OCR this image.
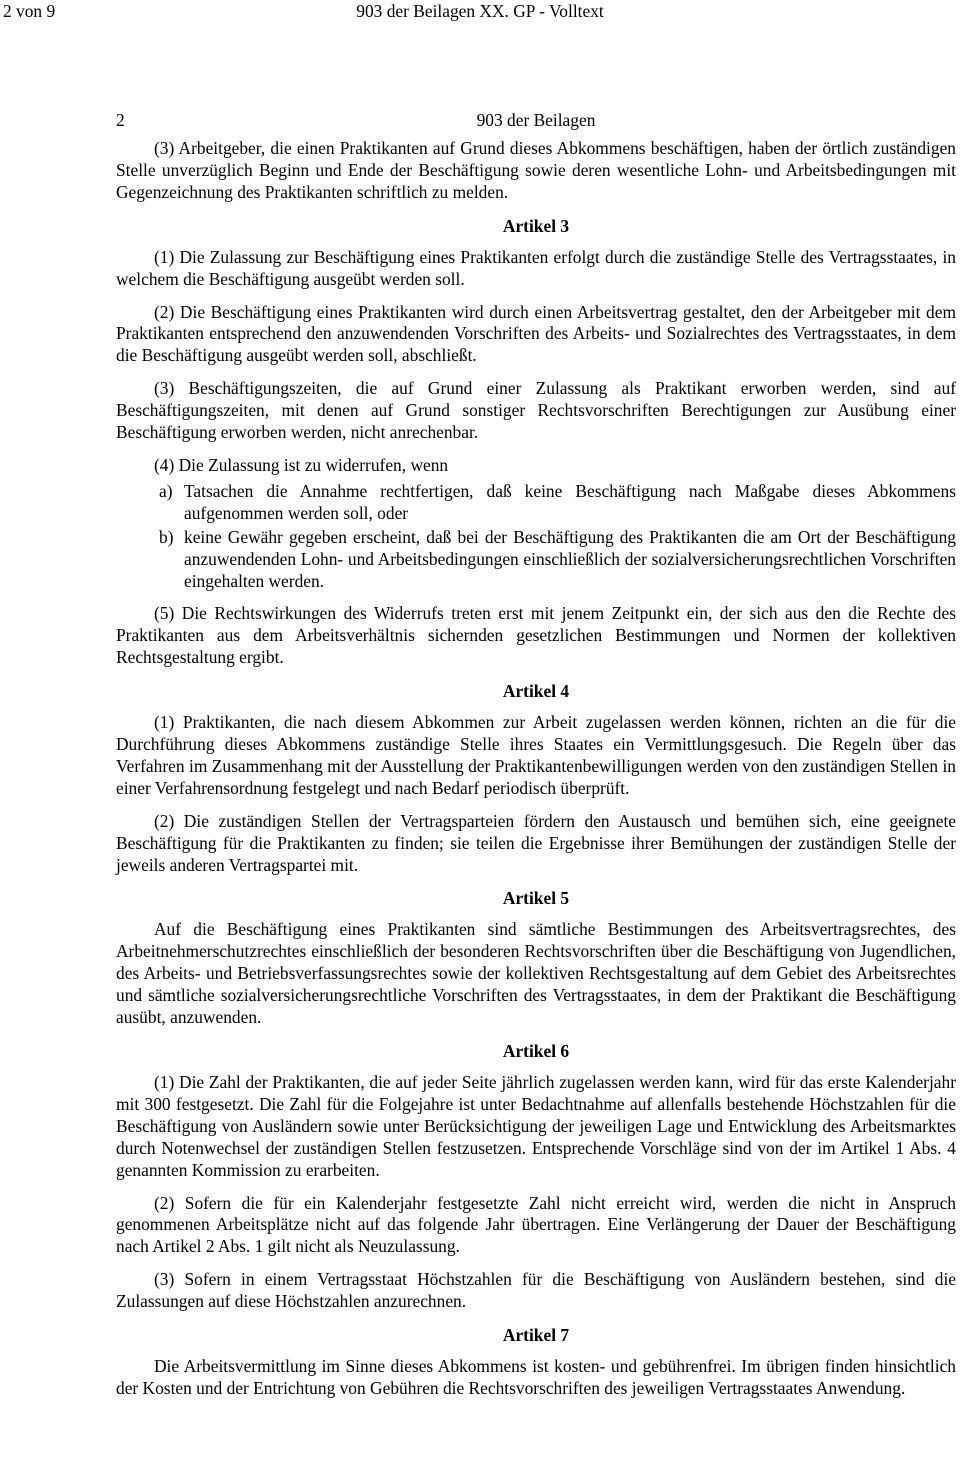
2 von 9	903 der Beilagen XX. GP - Volltext
2	903 der Beilagen

(3) Arbeitgeber, die einen Praktikanten auf Grund dieses Abkommens beschäftigen, haben der örtlich zuständigen Stelle unverzüglich Beginn und Ende der Beschäftigung sowie deren wesentliche Lohn- und Arbeitsbedingungen mit Gegenzeichnung des Praktikanten schriftlich zu melden.

Artikel 3

(1) Die Zulassung zur Beschäftigung eines Praktikanten erfolgt durch die zuständige Stelle des Vertragsstaates, in welchem die Beschäftigung ausgeübt werden soll.

(2) Die Beschäftigung eines Praktikanten wird durch einen Arbeitsvertrag gestaltet, den der Arbeitgeber mit dem Praktikanten entsprechend den anzuwendenden Vorschriften des Arbeits- und Sozialrechtes des Vertragsstaates, in dem die Beschäftigung ausgeübt werden soll, abschließt.

(3) Beschäftigungszeiten, die auf Grund einer Zulassung als Praktikant erworben werden, sind auf Beschäftigungszeiten, mit denen auf Grund sonstiger Rechtsvorschriften Berechtigungen zur Ausübung einer Beschäftigung erworben werden, nicht anrechenbar.

(4) Die Zulassung ist zu widerrufen, wenn

a) Tatsachen die Annahme rechtfertigen, daß keine Beschäftigung nach Maßgabe dieses Abkommens aufgenommen werden soll, oder
b) keine Gewähr gegeben erscheint, daß bei der Beschäftigung des Praktikanten die am Ort der Beschäftigung anzuwendenden Lohn- und Arbeitsbedingungen einschließlich der sozialversicherungsrechtlichen Vorschriften eingehalten werden.

(5) Die Rechtswirkungen des Widerrufs treten erst mit jenem Zeitpunkt ein, der sich aus den die Rechte des Praktikanten aus dem Arbeitsverhältnis sichernden gesetzlichen Bestimmungen und Normen der kollektiven Rechtsgestaltung ergibt.

Artikel 4

(1) Praktikanten, die nach diesem Abkommen zur Arbeit zugelassen werden können, richten an die für die Durchführung dieses Abkommens zuständige Stelle ihres Staates ein Vermittlungsgesuch. Die Regeln über das Verfahren im Zusammenhang mit der Ausstellung der Praktikantenbewilligungen werden von den zuständigen Stellen in einer Verfahrensordnung festgelegt und nach Bedarf periodisch überprüft.

(2) Die zuständigen Stellen der Vertragsparteien fördern den Austausch und bemühen sich, eine geeignete Beschäftigung für die Praktikanten zu finden; sie teilen die Ergebnisse ihrer Bemühungen der zuständigen Stelle der jeweils anderen Vertragspartei mit.

Artikel 5

Auf die Beschäftigung eines Praktikanten sind sämtliche Bestimmungen des Arbeitsvertragsrechtes, des Arbeitnehmerschutzrechtes einschließlich der besonderen Rechtsvorschriften über die Beschäftigung von Jugendlichen, des Arbeits- und Betriebsverfassungsrechtes sowie der kollektiven Rechtsgestaltung auf dem Gebiet des Arbeitsrechtes und sämtliche sozialversicherungsrechtliche Vorschriften des Vertragsstaates, in dem der Praktikant die Beschäftigung ausübt, anzuwenden.

Artikel 6

(1) Die Zahl der Praktikanten, die auf jeder Seite jährlich zugelassen werden kann, wird für das erste Kalenderjahr mit 300 festgesetzt. Die Zahl für die Folgejahre ist unter Bedachtnahme auf allenfalls bestehende Höchstzahlen für die Beschäftigung von Ausländern sowie unter Berücksichtigung der jeweiligen Lage und Entwicklung des Arbeitsmarktes durch Notenwechsel der zuständigen Stellen festzusetzen. Entsprechende Vorschläge sind von der im Artikel 1 Abs. 4 genannten Kommission zu erarbeiten.

(2) Sofern die für ein Kalenderjahr festgesetzte Zahl nicht erreicht wird, werden die nicht in Anspruch genommenen Arbeitsplätze nicht auf das folgende Jahr übertragen. Eine Verlängerung der Dauer der Beschäftigung nach Artikel 2 Abs. 1 gilt nicht als Neuzulassung.

(3) Sofern in einem Vertragsstaat Höchstzahlen für die Beschäftigung von Ausländern bestehen, sind die Zulassungen auf diese Höchstzahlen anzurechnen.

Artikel 7

Die Arbeitsvermittlung im Sinne dieses Abkommens ist kosten- und gebührenfrei. Im übrigen finden hinsichtlich der Kosten und der Entrichtung von Gebühren die Rechtsvorschriften des jeweiligen Vertragsstaates Anwendung.
